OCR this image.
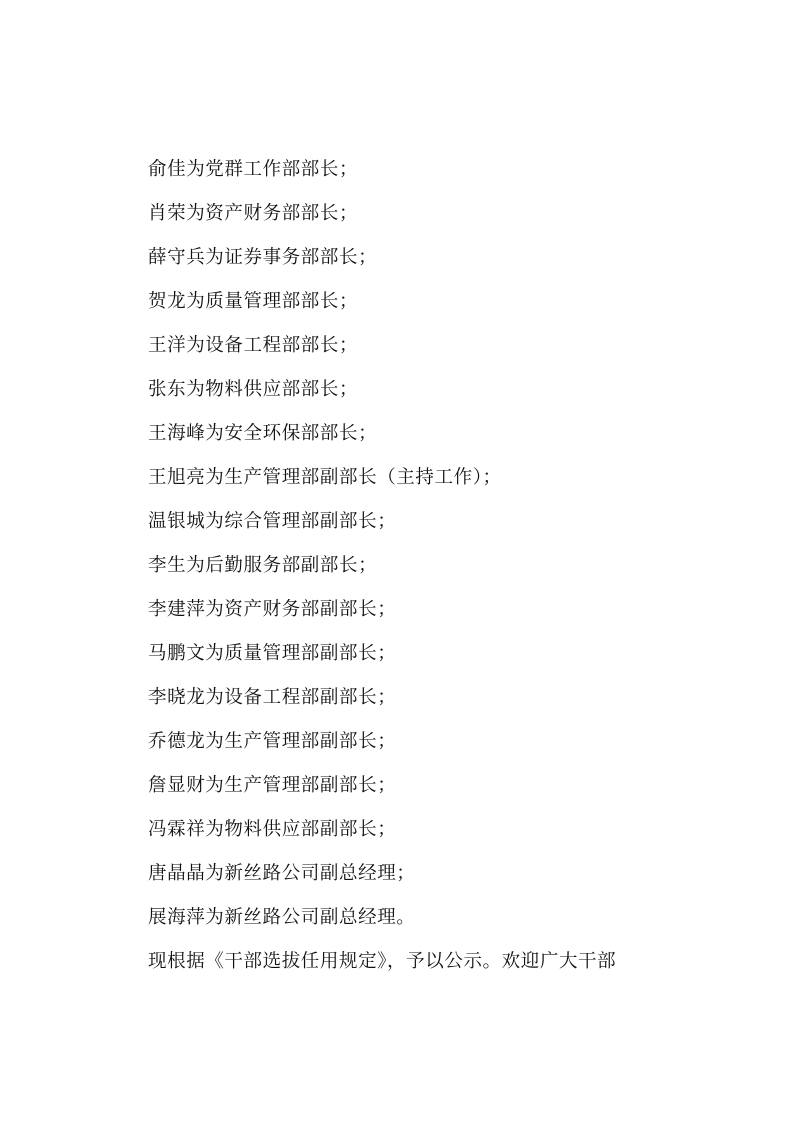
俞佳为党群工作部部长；

肖荣为资产财务部部长；

薛守兵为证券事务部部长；

贺龙为质量管理部部长；

王洋为设备工程部部长；

张东为物料供应部部长；

王海峰为安全环保部部长；

王旭亮为生产管理部副部长（主持工作）；

温银城为综合管理部副部长；

李生为后勤服务部副部长；

李建萍为资产财务部副部长；

马鹏文为质量管理部副部长；

李晓龙为设备工程部副部长；

乔德龙为生产管理部副部长；

詹显财为生产管理部副部长；

冯霖祥为物料供应部副部长；

唐晶晶为新丝路公司副总经理；

展海萍为新丝路公司副总经理。

现根据《干部选拔任用规定》，予以公示。欢迎广大干部
